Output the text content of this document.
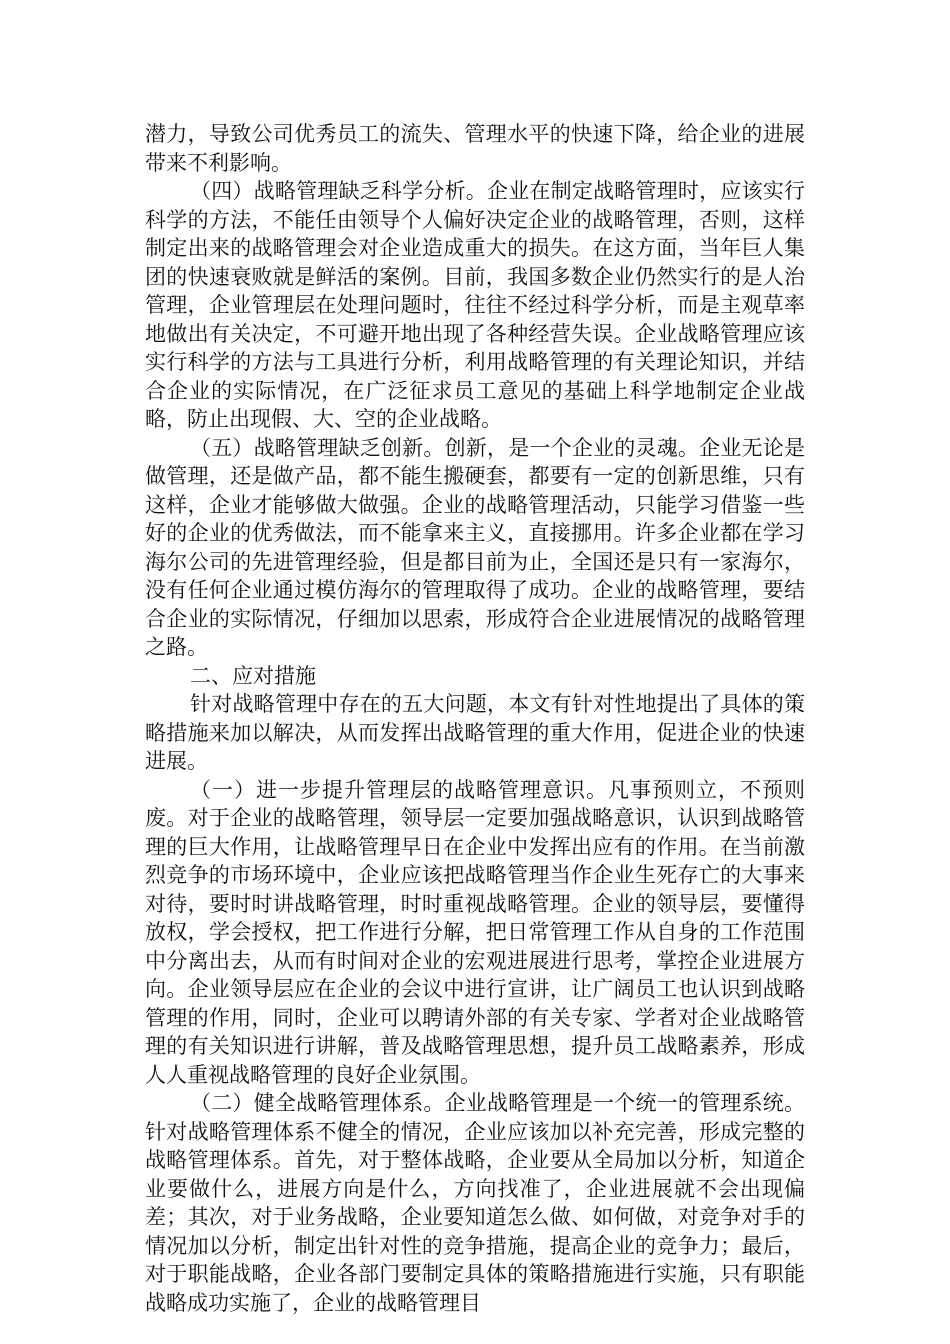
潜力，导致公司优秀员工的流失、管理水平的快速下降，给企业的进展带来不利影响。

（四）战略管理缺乏科学分析。企业在制定战略管理时，应该实行科学的方法，不能任由领导个人偏好决定企业的战略管理，否则，这样制定出来的战略管理会对企业造成重大的损失。在这方面，当年巨人集团的快速衰败就是鲜活的案例。目前，我国多数企业仍然实行的是人治管理，企业管理层在处理问题时，往往不经过科学分析，而是主观草率地做出有关决定，不可避开地出现了各种经营失误。企业战略管理应该实行科学的方法与工具进行分析，利用战略管理的有关理论知识，并结合企业的实际情况，在广泛征求员工意见的基础上科学地制定企业战略，防止出现假、大、空的企业战略。

（五）战略管理缺乏创新。创新，是一个企业的灵魂。企业无论是做管理，还是做产品，都不能生搬硬套，都要有一定的创新思维，只有这样，企业才能够做大做强。企业的战略管理活动，只能学习借鉴一些好的企业的优秀做法，而不能拿来主义，直接挪用。许多企业都在学习海尔公司的先进管理经验，但是都目前为止，全国还是只有一家海尔，没有任何企业通过模仿海尔的管理取得了成功。企业的战略管理，要结合企业的实际情况，仔细加以思索，形成符合企业进展情况的战略管理之路。

二、应对措施

针对战略管理中存在的五大问题，本文有针对性地提出了具体的策略措施来加以解决，从而发挥出战略管理的重大作用，促进企业的快速进展。

（一）进一步提升管理层的战略管理意识。凡事预则立，不预则废。对于企业的战略管理，领导层一定要加强战略意识，认识到战略管理的巨大作用，让战略管理早日在企业中发挥出应有的作用。在当前激烈竞争的市场环境中，企业应该把战略管理当作企业生死存亡的大事来对待，要时时讲战略管理，时时重视战略管理。企业的领导层，要懂得放权，学会授权，把工作进行分解，把日常管理工作从自身的工作范围中分离出去，从而有时间对企业的宏观进展进行思考，掌控企业进展方向。企业领导层应在企业的会议中进行宣讲，让广阔员工也认识到战略管理的作用，同时，企业可以聘请外部的有关专家、学者对企业战略管理的有关知识进行讲解，普及战略管理思想，提升员工战略素养，形成人人重视战略管理的良好企业氛围。

（二）健全战略管理体系。企业战略管理是一个统一的管理系统。针对战略管理体系不健全的情况，企业应该加以补充完善，形成完整的战略管理体系。首先，对于整体战略，企业要从全局加以分析，知道企业要做什么，进展方向是什么，方向找准了，企业进展就不会出现偏差；其次，对于业务战略，企业要知道怎么做、如何做，对竞争对手的情况加以分析，制定出针对性的竞争措施，提高企业的竞争力；最后，对于职能战略，企业各部门要制定具体的策略措施进行实施，只有职能战略成功实施了，企业的战略管理目
